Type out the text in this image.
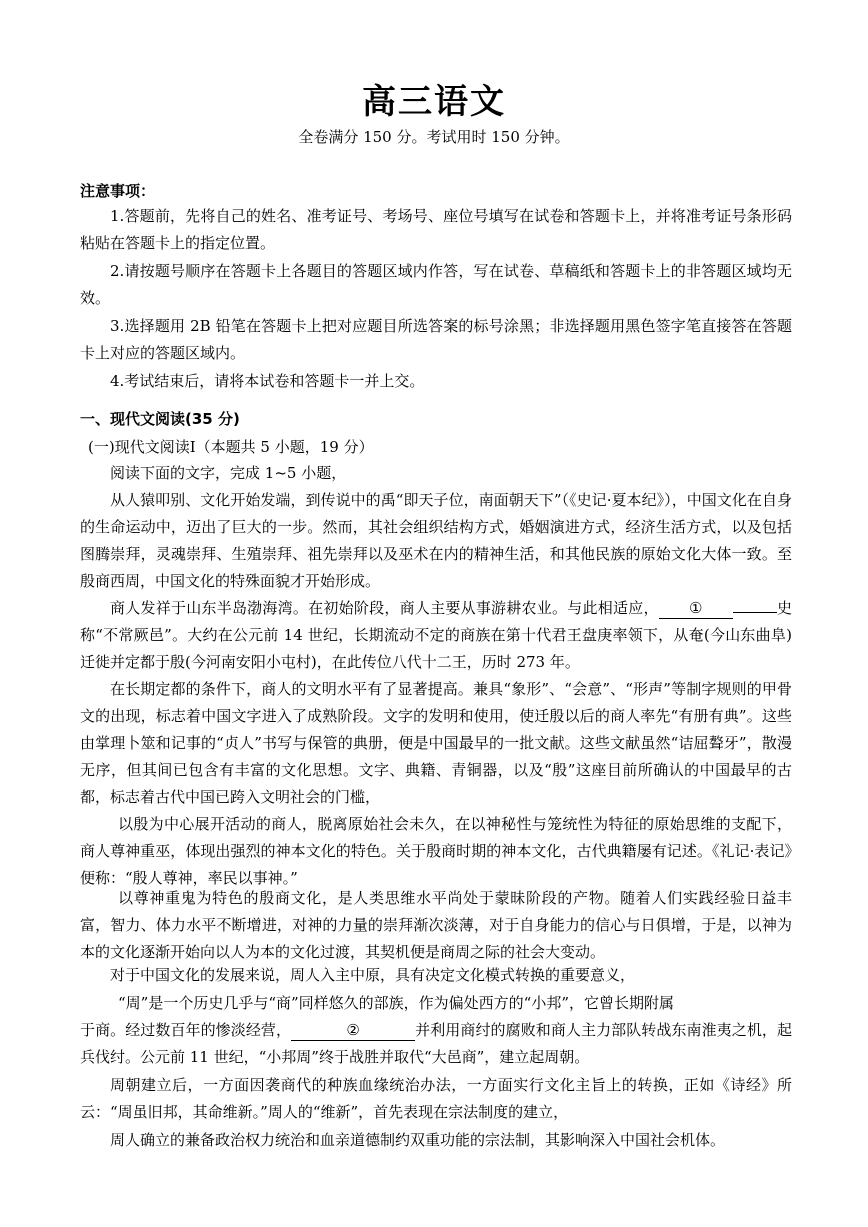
高三语文
全卷满分 150 分。考试用时 150 分钟。
注意事项：

1.答题前，先将自己的姓名、准考证号、考场号、座位号填写在试卷和答题卡上，并将准考证号条形码粘贴在答题卡上的指定位置。

2.请按题号顺序在答题卡上各题目的答题区域内作答，写在试卷、草稿纸和答题卡上的非答题区域均无效。

3.选择题用 2B 铅笔在答题卡上把对应题目所选答案的标号涂黑；非选择题用黑色签字笔直接答在答题卡上对应的答题区域内。

4.考试结束后，请将本试卷和答题卡一并上交。

一、现代文阅读(35 分)
(一)现代文阅读Ⅰ（本题共 5 小题，19 分）

阅读下面的文字，完成 1~5 小题，

从人猿叩别、文化开始发端，到传说中的禹“即天子位，南面朝天下”（《史记·夏本纪》），中国文化在自身的生命运动中，迈出了巨大的一步。然而，其社会组织结构方式，婚姻演进方式，经济生活方式，以及包括图腾崇拜，灵魂崇拜、生殖崇拜、祖先崇拜以及巫术在内的精神生活，和其他民族的原始文化大体一致。至殷商西周，中国文化的特殊面貌才开始形成。

商人发祥于山东半岛渤海湾。在初始阶段，商人主要从事游耕农业。与此相适应， ①	史称“不常厥邑”。大约在公元前 14 世纪，长期流动不定的商族在第十代君王盘庚率领下，从奄(今山东曲阜)迁徙并定都于殷(今河南安阳小屯村)，在此传位八代十二王，历时 273 年。

在长期定都的条件下，商人的文明水平有了显著提高。兼具“象形”、“会意”、“形声”等制字规则的甲骨文的出现，标志着中国文字进入了成熟阶段。文字的发明和使用，使迁殷以后的商人率先“有册有典”。这些由掌理卜筮和记事的“贞人”书写与保管的典册，便是中国最早的一批文献。这些文献虽然“诘屈聱牙”，散漫无序，但其间已包含有丰富的文化思想。文字、典籍、青铜器，以及“殷”这座目前所确认的中国最早的古都，标志着古代中国已跨入文明社会的门槛，

以殷为中心展开活动的商人，脱离原始社会未久，在以神秘性与笼统性为特征的原始思维的支配下，商人尊神重巫，体现出强烈的神本文化的特色。关于殷商时期的神本文化，古代典籍屡有记述。《礼记·表记》便称：“殷人尊神，率民以事神。”

以尊神重鬼为特色的殷商文化，是人类思维水平尚处于蒙昧阶段的产物。随着人们实践经验日益丰富，智力、体力水平不断增进，对神的力量的崇拜渐次淡薄，对于自身能力的信心与日俱增，于是，以神为本的文化逐渐开始向以人为本的文化过渡，其契机便是商周之际的社会大变动。

对于中国文化的发展来说，周人入主中原，具有决定文化模式转换的重要意义，

“周”是一个历史几乎与“商”同样悠久的部族，作为偏处西方的“小邦”，它曾长期附属

于商。经过数百年的惨淡经营，	②	并利用商纣的腐败和商人主力部队转战东南淮夷之机，起兵伐纣。公元前 11 世纪，“小邦周”终于战胜并取代“大邑商”，建立起周朝。

周朝建立后，一方面因袭商代的种族血缘统治办法，一方面实行文化主旨上的转换，正如《诗经》所云：“周虽旧邦，其命维新。”周人的“维新”，首先表现在宗法制度的建立，

周人确立的兼备政治权力统治和血亲道德制约双重功能的宗法制，其影响深入中国社会机体。
